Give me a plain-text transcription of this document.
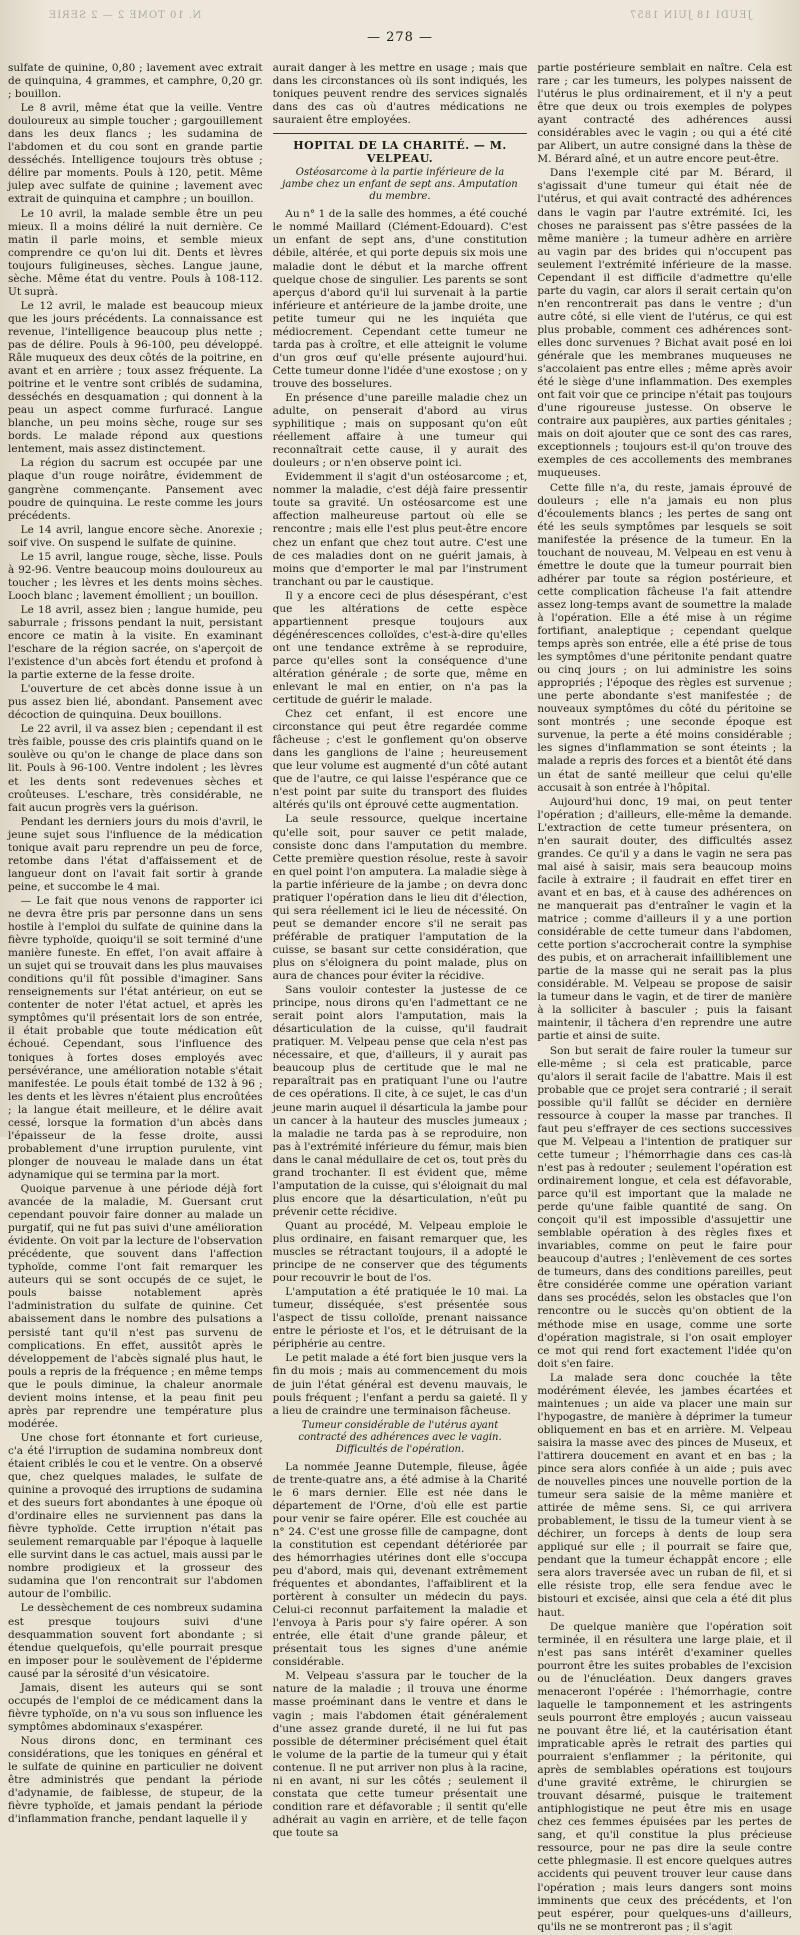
N. 10 TOME 2 — 2 SERIE	JEUDI 18 JUIN 1857
— 278 —

sulfate de quinine, 0,80 ; lavement avec extrait de quinquina, 4 grammes, et camphre, 0,20 gr. ; bouillon.

Le 8 avril, même état que la veille. Ventre douloureux au simple toucher ; gargouillement dans les deux flancs ; les sudamina de l'abdomen et du cou sont en grande partie desséchés. Intelligence toujours très obtuse ; délire par moments. Pouls à 120, petit. Même julep avec sulfate de quinine ; lavement avec extrait de quinquina et camphre ; un bouillon.

Le 10 avril, la malade semble être un peu mieux. Il a moins déliré la nuit dernière. Ce matin il parle moins, et semble mieux comprendre ce qu'on lui dit. Dents et lèvres toujours fuligineuses, sèches. Langue jaune, sèche. Même état du ventre. Pouls à 108-112. Ut suprà.

Le 12 avril, le malade est beaucoup mieux que les jours précédents. La connaissance est revenue, l'intelligence beaucoup plus nette ; pas de délire. Pouls à 96-100, peu développé. Râle muqueux des deux côtés de la poitrine, en avant et en arrière ; toux assez fréquente. La poitrine et le ventre sont criblés de sudamina, desséchés en desquamation ; qui donnent à la peau un aspect comme furfuracé. Langue blanche, un peu moins sèche, rouge sur ses bords. Le malade répond aux questions lentement, mais assez distinctement.

La région du sacrum est occupée par une plaque d'un rouge noirâtre, évidemment de gangrène commençante. Pansement avec poudre de quinquina. Le reste comme les jours précédents.

Le 14 avril, langue encore sèche. Anorexie ; soif vive. On suspend le sulfate de quinine.

Le 15 avril, langue rouge, sèche, lisse. Pouls à 92-96. Ventre beaucoup moins douloureux au toucher ; les lèvres et les dents moins sèches. Looch blanc ; lavement émollient ; un bouillon.

Le 18 avril, assez bien ; langue humide, peu saburrale ; frissons pendant la nuit, persistant encore ce matin à la visite. En examinant l'eschare de la région sacrée, on s'aperçoit de l'existence d'un abcès fort étendu et profond à la partie externe de la fesse droite.

L'ouverture de cet abcès donne issue à un pus assez bien lié, abondant. Pansement avec décoction de quinquina. Deux bouillons.

Le 22 avril, il va assez bien ; cependant il est très faible, pousse des cris plaintifs quand on le soulève ou qu'on le change de place dans son lit. Pouls à 96-100. Ventre indolent ; les lèvres et les dents sont redevenues sèches et croûteuses. L'eschare, très considérable, ne fait aucun progrès vers la guérison.

Pendant les derniers jours du mois d'avril, le jeune sujet sous l'influence de la médication tonique avait paru reprendre un peu de force, retombe dans l'état d'affaissement et de langueur dont on l'avait fait sortir à grande peine, et succombe le 4 mai.

— Le fait que nous venons de rapporter ici ne devra être pris par personne dans un sens hostile à l'emploi du sulfate de quinine dans la fièvre typhoïde, quoiqu'il se soit terminé d'une manière funeste. En effet, l'on avait affaire à un sujet qui se trouvait dans les plus mauvaises conditions qu'il fût possible d'imaginer. Sans renseignements sur l'état antérieur, on eut se contenter de noter l'état actuel, et après les symptômes qu'il présentait lors de son entrée, il était probable que toute médication eût échoué. Cependant, sous l'influence des toniques à fortes doses employés avec persévérance, une amélioration notable s'était manifestée. Le pouls était tombé de 132 à 96 ; les dents et les lèvres n'étaient plus encroûtées ; la langue était meilleure, et le délire avait cessé, lorsque la formation d'un abcès dans l'épaisseur de la fesse droite, aussi probablement d'une irruption purulente, vint plonger de nouveau le malade dans un état adynamique qui se termina par la mort.

Quoique parvenue à une période déjà fort avancée de la maladie, M. Guersant crut cependant pouvoir faire donner au malade un purgatif, qui ne fut pas suivi d'une amélioration évidente. On voit par la lecture de l'observation précédente, que souvent dans l'affection typhoïde, comme l'ont fait remarquer les auteurs qui se sont occupés de ce sujet, le pouls baisse notablement après l'administration du sulfate de quinine. Cet abaissement dans le nombre des pulsations a persisté tant qu'il n'est pas survenu de complications. En effet, aussitôt après le développement de l'abcès signalé plus haut, le pouls a repris de la fréquence ; en même temps que le pouls diminue, la chaleur anormale devient moins intense, et la peau finit peu après par reprendre une température plus modérée.

Une chose fort étonnante et fort curieuse, c'a été l'irruption de sudamina nombreux dont étaient criblés le cou et le ventre. On a observé que, chez quelques malades, le sulfate de quinine a provoqué des irruptions de sudamina et des sueurs fort abondantes à une époque où d'ordinaire elles ne surviennent pas dans la fièvre typhoïde. Cette irruption n'était pas seulement remarquable par l'époque à laquelle elle survint dans le cas actuel, mais aussi par le nombre prodigieux et la grosseur des sudamina que l'on rencontrait sur l'abdomen autour de l'ombilic.

Le dessèchement de ces nombreux sudamina est presque toujours suivi d'une desquammation souvent fort abondante ; si étendue quelquefois, qu'elle pourrait presque en imposer pour le soulèvement de l'épiderme causé par la sérosité d'un vésicatoire.

Jamais, disent les auteurs qui se sont occupés de l'emploi de ce médicament dans la fièvre typhoïde, on n'a vu sous son influence les symptômes abdominaux s'exaspérer.

Nous dirons donc, en terminant ces considérations, que les toniques en général et le sulfate de quinine en particulier ne doivent être administrés que pendant la période d'adynamie, de faiblesse, de stupeur, de la fièvre typhoïde, et jamais pendant la période d'inflammation franche, pendant laquelle il y

aurait danger à les mettre en usage ; mais que dans les circonstances où ils sont indiqués, les toniques peuvent rendre des services signalés dans des cas où d'autres médications ne sauraient être employées.

HOPITAL DE LA CHARITÉ. — M. VELPEAU.
Ostéosarcome à la partie inférieure de la jambe chez un enfant de sept ans. Amputation du membre.

Au n° 1 de la salle des hommes, a été couché le nommé Maillard (Clément-Edouard). C'est un enfant de sept ans, d'une constitution débile, altérée, et qui porte depuis six mois une maladie dont le début et la marche offrent quelque chose de singulier. Les parents se sont aperçus d'abord qu'il lui survenait à la partie inférieure et antérieure de la jambe droite, une petite tumeur qui ne les inquiéta que médiocrement. Cependant cette tumeur ne tarda pas à croître, et elle atteignit le volume d'un gros œuf qu'elle présente aujourd'hui. Cette tumeur donne l'idée d'une exostose ; on y trouve des bosselures.

En présence d'une pareille maladie chez un adulte, on penserait d'abord au virus syphilitique ; mais on supposant qu'on eût réellement affaire à une tumeur qui reconnaîtrait cette cause, il y aurait des douleurs ; or n'en observe point ici.

Evidemment il s'agit d'un ostéosarcome ; et, nommer la maladie, c'est déjà faire pressentir toute sa gravité. Un ostéosarcome est une affection malheureuse partout où elle se rencontre ; mais elle l'est plus peut-être encore chez un enfant que chez tout autre. C'est une de ces maladies dont on ne guérit jamais, à moins que d'emporter le mal par l'instrument tranchant ou par le caustique.

Il y a encore ceci de plus désespérant, c'est que les altérations de cette espèce appartiennent presque toujours aux dégénérescences colloïdes, c'est-à-dire qu'elles ont une tendance extrême à se reproduire, parce qu'elles sont la conséquence d'une altération générale ; de sorte que, même en enlevant le mal en entier, on n'a pas la certitude de guérir le malade.

Chez cet enfant, il est encore une circonstance qui peut être regardée comme fâcheuse ; c'est le gonflement qu'on observe dans les ganglions de l'aine ; heureusement que leur volume est augmenté d'un côté autant que de l'autre, ce qui laisse l'espérance que ce n'est point par suite du transport des fluides altérés qu'ils ont éprouvé cette augmentation.

La seule ressource, quelque incertaine qu'elle soit, pour sauver ce petit malade, consiste donc dans l'amputation du membre. Cette première question résolue, reste à savoir en quel point l'on amputera. La maladie siège à la partie inférieure de la jambe ; on devra donc pratiquer l'opération dans le lieu dit d'élection, qui sera réellement ici le lieu de nécessité. On peut se demander encore s'il ne serait pas préférable de pratiquer l'amputation de la cuisse, se basant sur cette considération, que plus on s'éloignera du point malade, plus on aura de chances pour éviter la récidive.

Sans vouloir contester la justesse de ce principe, nous dirons qu'en l'admettant ce ne serait point alors l'amputation, mais la désarticulation de la cuisse, qu'il faudrait pratiquer. M. Velpeau pense que cela n'est pas nécessaire, et que, d'ailleurs, il y aurait pas beaucoup plus de certitude que le mal ne reparaîtrait pas en pratiquant l'une ou l'autre de ces opérations. Il cite, à ce sujet, le cas d'un jeune marin auquel il désarticula la jambe pour un cancer à la hauteur des muscles jumeaux ; la maladie ne tarda pas à se reproduire, non pas à l'extrémité inférieure du fémur, mais bien dans le canal médullaire de cet os, tout près du grand trochanter. Il est évident que, même l'amputation de la cuisse, qui s'éloignait du mal plus encore que la désarticulation, n'eût pu prévenir cette récidive.

Quant au procédé, M. Velpeau emploie le plus ordinaire, en faisant remarquer que, les muscles se rétractant toujours, il a adopté le principe de ne conserver que des téguments pour recouvrir le bout de l'os.

L'amputation a été pratiquée le 10 mai. La tumeur, disséquée, s'est présentée sous l'aspect de tissu colloïde, prenant naissance entre le périoste et l'os, et le détruisant de la périphérie au centre.

Le petit malade a été fort bien jusque vers la fin du mois ; mais au commencement du mois de juin l'état général est devenu mauvais, le pouls fréquent ; l'enfant a perdu sa gaieté. Il y a lieu de craindre une terminaison fâcheuse.

Tumeur considérable de l'utérus ayant contracté des adhérences avec le vagin. Difficultés de l'opération.

La nommée Jeanne Dutemple, fileuse, âgée de trente-quatre ans, a été admise à la Charité le 6 mars dernier. Elle est née dans le département de l'Orne, d'où elle est partie pour venir se faire opérer. Elle est couchée au n° 24. C'est une grosse fille de campagne, dont la constitution est cependant détériorée par des hémorrhagies utérines dont elle s'occupa peu d'abord, mais qui, devenant extrêmement fréquentes et abondantes, l'affaiblirent et la portèrent à consulter un médecin du pays. Celui-ci reconnut parfaitement la maladie et l'envoya à Paris pour s'y faire opérer. A son entrée, elle était d'une grande pâleur, et présentait tous les signes d'une anémie considérable.

M. Velpeau s'assura par le toucher de la nature de la maladie ; il trouva une énorme masse proéminant dans le ventre et dans le vagin ; mais l'abdomen était généralement d'une assez grande dureté, il ne lui fut pas possible de déterminer précisément quel était le volume de la partie de la tumeur qui y était contenue. Il ne put arriver non plus à la racine, ni en avant, ni sur les côtés ; seulement il constata que cette tumeur présentait une condition rare et défavorable ; il sentit qu'elle adhérait au vagin en arrière, et de telle façon que toute sa

partie postérieure semblait en naître. Cela est rare ; car les tumeurs, les polypes naissent de l'utérus le plus ordinairement, et il n'y a peut être que deux ou trois exemples de polypes ayant contracté des adhérences aussi considérables avec le vagin ; ou qui a été cité par Alibert, un autre consigné dans la thèse de M. Bérard aîné, et un autre encore peut-être.

Dans l'exemple cité par M. Bérard, il s'agissait d'une tumeur qui était née de l'utérus, et qui avait contracté des adhérences dans le vagin par l'autre extrémité. Ici, les choses ne paraissent pas s'être passées de la même manière ; la tumeur adhère en arrière au vagin par des brides qui n'occupent pas seulement l'extrémité inférieure de la masse. Cependant il est difficile d'admettre qu'elle parte du vagin, car alors il serait certain qu'on n'en rencontrerait pas dans le ventre ; d'un autre côté, si elle vient de l'utérus, ce qui est plus probable, comment ces adhérences sont-elles donc survenues ? Bichat avait posé en loi générale que les membranes muqueuses ne s'accolaient pas entre elles ; même après avoir été le siège d'une inflammation. Des exemples ont fait voir que ce principe n'était pas toujours d'une rigoureuse justesse. On observe le contraire aux paupières, aux parties génitales ; mais on doit ajouter que ce sont des cas rares, exceptionnels ; toujours est-il qu'on trouve des exemples de ces accollements des membranes muqueuses.

Cette fille n'a, du reste, jamais éprouvé de douleurs ; elle n'a jamais eu non plus d'écoulements blancs ; les pertes de sang ont été les seuls symptômes par lesquels se soit manifestée la présence de la tumeur. En la touchant de nouveau, M. Velpeau en est venu à émettre le doute que la tumeur pourrait bien adhérer par toute sa région postérieure, et cette complication fâcheuse l'a fait attendre assez long-temps avant de soumettre la malade à l'opération. Elle a été mise à un régime fortifiant, analeptique ; cependant quelque temps après son entrée, elle a été prise de tous les symptômes d'une péritonite pendant quatre ou cinq jours ; on lui administre les soins appropriés ; l'époque des règles est survenue ; une perte abondante s'est manifestée ; de nouveaux symptômes du côté du péritoine se sont montrés ; une seconde époque est survenue, la perte a été moins considérable ; les signes d'inflammation se sont éteints ; la malade a repris des forces et a bientôt été dans un état de santé meilleur que celui qu'elle accusait à son entrée à l'hôpital.

Aujourd'hui donc, 19 mai, on peut tenter l'opération ; d'ailleurs, elle-même la demande. L'extraction de cette tumeur présentera, on n'en saurait douter, des difficultés assez grandes. Ce qu'il y a dans le vagin ne sera pas mal aisé à saisir, mais sera beaucoup moins facile à extraire ; il faudrait en effet tirer en avant et en bas, et à cause des adhérences on ne manquerait pas d'entraîner le vagin et la matrice ; comme d'ailleurs il y a une portion considérable de cette tumeur dans l'abdomen, cette portion s'accrocherait contre la symphise des pubis, et on arracherait infailliblement une partie de la masse qui ne serait pas la plus considérable. M. Velpeau se propose de saisir la tumeur dans le vagin, et de tirer de manière à la solliciter à basculer ; puis la faisant maintenir, il tâchera d'en reprendre une autre partie et ainsi de suite.

Son but serait de faire rouler la tumeur sur elle-même ; si cela est praticable, parce qu'alors il serait facile de l'abattre. Mais il est probable que ce projet sera contrarié ; il serait possible qu'il fallût se décider en dernière ressource à couper la masse par tranches. Il faut peu s'effrayer de ces sections successives que M. Velpeau a l'intention de pratiquer sur cette tumeur ; l'hémorrhagie dans ces cas-là n'est pas à redouter ; seulement l'opération est ordinairement longue, et cela est défavorable, parce qu'il est important que la malade ne perde qu'une faible quantité de sang. On conçoit qu'il est impossible d'assujettir une semblable opération à des règles fixes et invariables, comme on peut le faire pour beaucoup d'autres ; l'enlèvement de ces sortes de tumeurs, dans des conditions pareilles, peut être considérée comme une opération variant dans ses procédés, selon les obstacles que l'on rencontre ou le succès qu'on obtient de la méthode mise en usage, comme une sorte d'opération magistrale, si l'on osait employer ce mot qui rend fort exactement l'idée qu'on doit s'en faire.

La malade sera donc couchée la tête modérément élevée, les jambes écartées et maintenues ; un aide va placer une main sur l'hypogastre, de manière à déprimer la tumeur obliquement en bas et en arrière. M. Velpeau saisira la masse avec des pinces de Museux, et l'attirera doucement en avant et en bas ; la pince sera alors confiée à un aide ; puis avec de nouvelles pinces une nouvelle portion de la tumeur sera saisie de la même manière et attirée de même sens. Si, ce qui arrivera probablement, le tissu de la tumeur vient à se déchirer, un forceps à dents de loup sera appliqué sur elle ; il pourrait se faire que, pendant que la tumeur échappât encore ; elle sera alors traversée avec un ruban de fil, et si elle résiste trop, elle sera fendue avec le bistouri et excisée, ainsi que cela a été dit plus haut.

De quelque manière que l'opération soit terminée, il en résultera une large plaie, et il n'est pas sans intérêt d'examiner quelles pourront être les suites probables de l'excision ou de l'énucléation. Deux dangers graves menaceront l'opérée : l'hémorrhagie, contre laquelle le tamponnement et les astringents seuls pourront être employés ; aucun vaisseau ne pouvant être lié, et la cautérisation étant impraticable après le retrait des parties qui pourraient s'enflammer ; la péritonite, qui après de semblables opérations est toujours d'une gravité extrême, le chirurgien se trouvant désarmé, puisque le traitement antiphlogistique ne peut être mis en usage chez ces femmes épuisées par les pertes de sang, et qu'il constitue la plus précieuse ressource, pour ne pas dire la seule contre cette phlegmasie. Il est encore quelques autres accidents qui peuvent trouver leur cause dans l'opération ; mais leurs dangers sont moins imminents que ceux des précédents, et l'on peut espérer, pour quelques-uns d'ailleurs, qu'ils ne se montreront pas ; il s'agit
